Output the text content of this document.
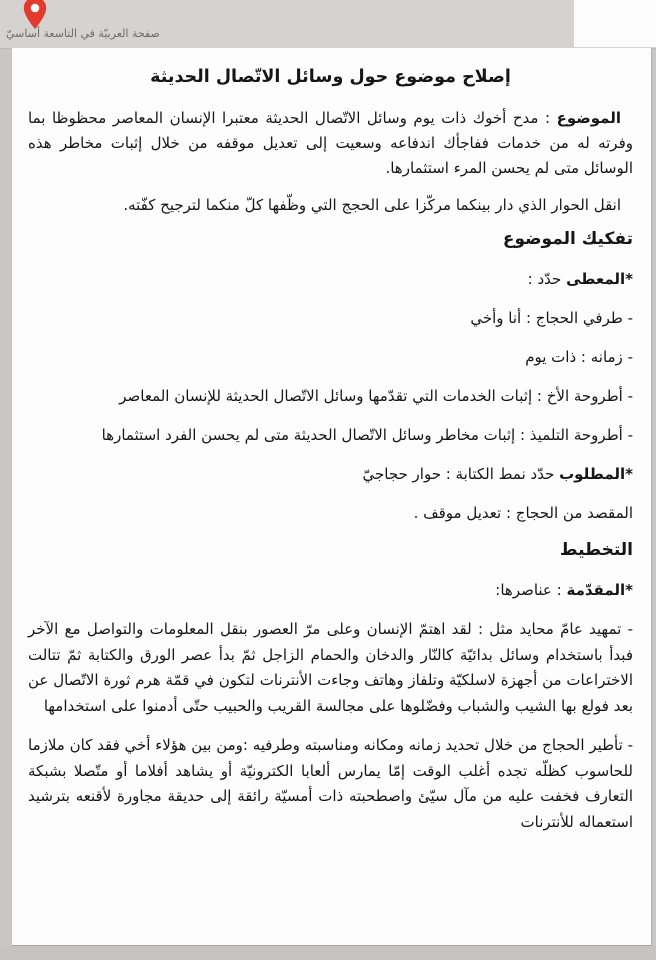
صفحة العربيّة في التاسعة أساسيّ
إصلاح موضوع حول وسائل الاتّصال الحديثة

الموضوع : مدح أخوك ذات يوم وسائل الاتّصال الحديثة معتبرا الإنسان المعاصر محظوظا بما وفرته له من خدمات ففاجأك اندفاعه وسعيت إلى تعديل موقفه من خلال إثبات مخاطر هذه الوسائل متى لم يحسن المرء استثمارها.

انقل الحوار الذي دار بينكما مركّزا على الحجج التي وظّفها كلّ منكما لترجيح كفّته.

تفكيك الموضوع
*المعطى حدّد :
- طرفي الحجاج : أنا وأخي
- زمانه : ذات يوم
- أطروحة الأخ : إثبات الخدمات التي تقدّمها وسائل الاتّصال الحديثة للإنسان المعاصر
- أطروحة التلميذ : إثبات مخاطر وسائل الاتّصال الحديثة متى لم يحسن الفرد استثمارها
*المطلوب حدّد نمط الكتابة : حوار حجاجيّ
المقصد من الحجاج : تعديل موقف .
التخطيط
*المقدّمة : عناصرها:

- تمهيد عامّ محايد مثل : لقد اهتمّ الإنسان وعلى مرّ العصور بنقل المعلومات والتواصل مع الآخر فبدأ باستخدام وسائل بدائيّة كالنّار والدخان والحمام الزاجل ثمّ بدأ عصر الورق والكتابة ثمّ تتالت الاختراعات من أجهزة لاسلكيّة وتلفاز وهاتف وجاءت الأنترنات لتكون في قمّة هرم ثورة الاتّصال عن بعد فولع بها الشيب والشباب وفضّلوها على مجالسة القريب والحبيب حتّى أدمنوا على استخدامها

- تأطير الحجاج من خلال تحديد زمانه ومكانه ومناسبته وطرفيه :ومن بين هؤلاء أخي فقد كان ملازما للحاسوب كظلّه تجده أغلب الوقت إمّا يمارس ألعابا الكترونيّة أو يشاهد أفلاما أو متّصلا بشبكة التعارف فخفت عليه من مآل سيّئ واصطحبته ذات أمسيّة رائقة إلى حديقة مجاورة لأقنعه بترشيد استعماله للأنترنات
